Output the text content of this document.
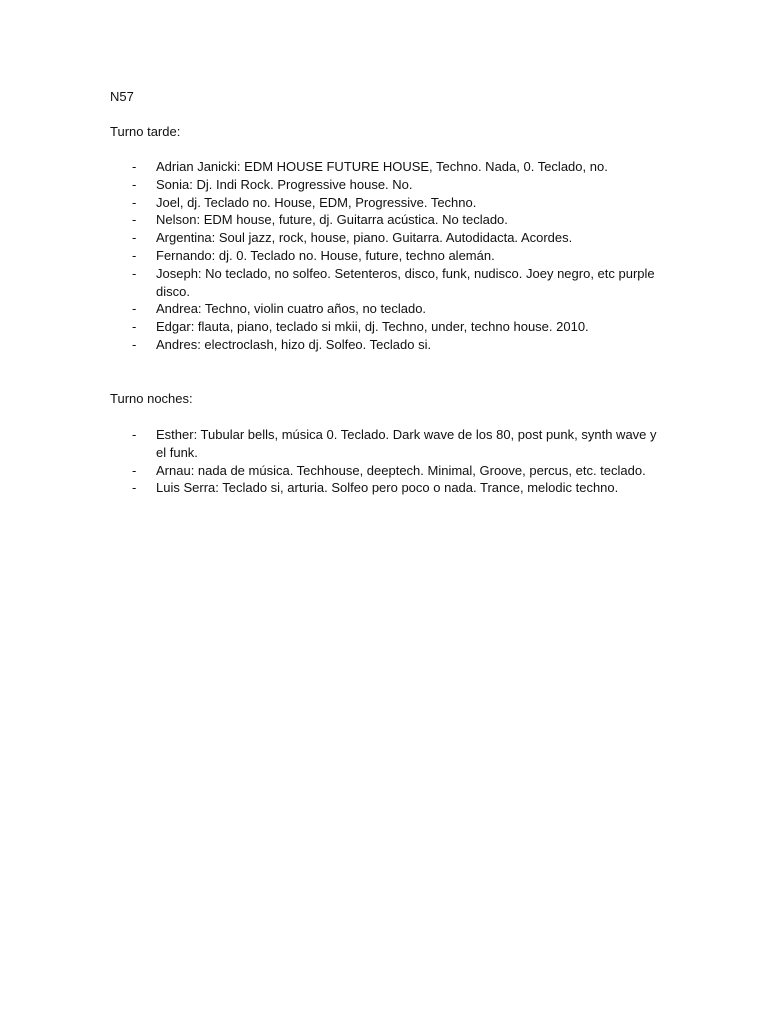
N57
Turno tarde:
- Adrian Janicki: EDM HOUSE FUTURE HOUSE, Techno. Nada, 0. Teclado, no.
- Sonia: Dj. Indi Rock. Progressive house. No.
- Joel, dj. Teclado no. House, EDM, Progressive. Techno.
- Nelson: EDM house, future, dj. Guitarra acústica. No teclado.
- Argentina: Soul jazz, rock, house, piano. Guitarra. Autodidacta. Acordes.
- Fernando: dj. 0. Teclado no. House, future, techno alemán.
- Joseph: No teclado, no solfeo. Setenteros, disco, funk, nudisco. Joey negro, etc purple disco.
- Andrea: Techno, violin cuatro años, no teclado.
- Edgar: flauta, piano, teclado si mkii, dj. Techno, under, techno house. 2010.
- Andres: electroclash, hizo dj. Solfeo. Teclado si.
Turno noches:
- Esther: Tubular bells, música 0. Teclado. Dark wave de los 80, post punk, synth wave y el funk.
- Arnau: nada de música. Techhouse, deeptech. Minimal, Groove, percus, etc. teclado.
- Luis Serra: Teclado si, arturia. Solfeo pero poco o nada. Trance, melodic techno.
